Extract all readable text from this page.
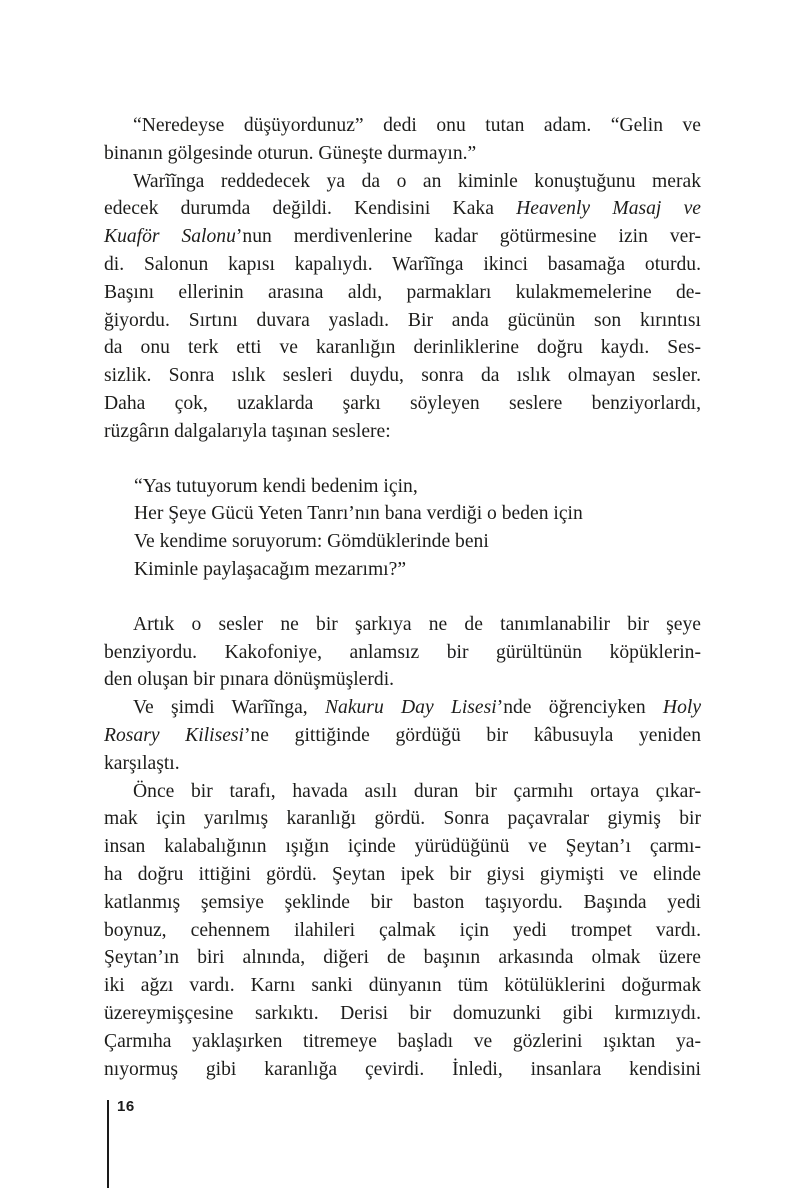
“Neredeyse düşüyordunuz” dedi onu tutan adam. “Gelin ve
binanın gölgesinde oturun. Güneşte durmayın.”
Warĩĩnga reddedecek ya da o an kiminle konuştuğunu merak
edecek durumda değildi. Kendisini Kaka Heavenly Masaj ve
Kuaför Salonu’nun merdivenlerine kadar götürmesine izin ver-
di. Salonun kapısı kapalıydı. Warĩĩnga ikinci basamağa oturdu.
Başını ellerinin arasına aldı, parmakları kulakmemelerine de-
ğiyordu. Sırtını duvara yasladı. Bir anda gücünün son kırıntısı
da onu terk etti ve karanlığın derinliklerine doğru kaydı. Ses-
sizlik. Sonra ıslık sesleri duydu, sonra da ıslık olmayan sesler.
Daha çok, uzaklarda şarkı söyleyen seslere benziyorlardı,
rüzgârın dalgalarıyla taşınan seslere:
“Yas tutuyorum kendi bedenim için,
Her Şeye Gücü Yeten Tanrı’nın bana verdiği o beden için
Ve kendime soruyorum: Gömdüklerinde beni
Kiminle paylaşacağım mezarımı?”
Artık o sesler ne bir şarkıya ne de tanımlanabilir bir şeye
benziyordu. Kakofoniye, anlamsız bir gürültünün köpüklerin-
den oluşan bir pınara dönüşmüşlerdi.
Ve şimdi Warĩĩnga, Nakuru Day Lisesi’nde öğrenciyken Holy
Rosary Kilisesi’ne gittiğinde gördüğü bir kâbusuyla yeniden
karşılaştı.
Önce bir tarafı, havada asılı duran bir çarmıhı ortaya çıkar-
mak için yarılmış karanlığı gördü. Sonra paçavralar giymiş bir
insan kalabalığının ışığın içinde yürüdüğünü ve Şeytan’ı çarmı-
ha doğru ittiğini gördü. Şeytan ipek bir giysi giymişti ve elinde
katlanmış şemsiye şeklinde bir baston taşıyordu. Başında yedi
boynuz, cehennem ilahileri çalmak için yedi trompet vardı.
Şeytan’ın biri alnında, diğeri de başının arkasında olmak üzere
iki ağzı vardı. Karnı sanki dünyanın tüm kötülüklerini doğurmak
üzereymişçesine sarkıktı. Derisi bir domuzunki gibi kırmızıydı.
Çarmıha yaklaşırken titremeye başladı ve gözlerini ışıktan ya-
nıyormuş gibi karanlığa çevirdi. İnledi, insanlara kendisini
16
